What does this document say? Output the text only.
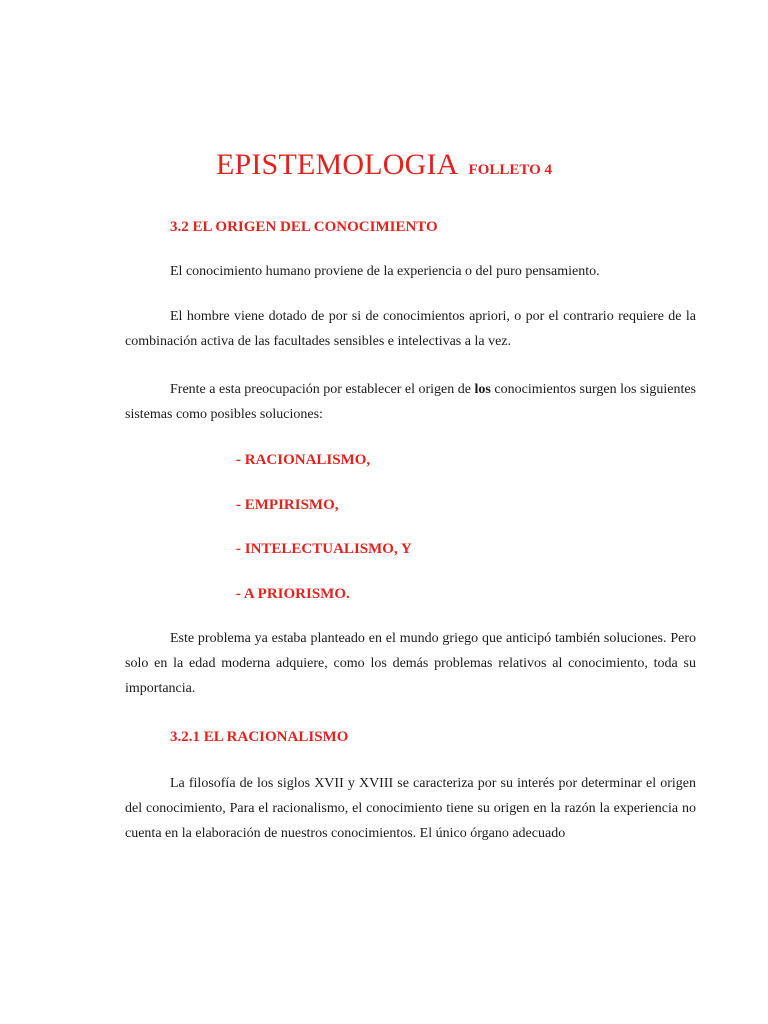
EPISTEMOLOGIA FOLLETO 4
3.2 EL ORIGEN DEL CONOCIMIENTO

El conocimiento humano proviene de la experiencia o del puro pensamiento.

El hombre viene dotado de por si de conocimientos apriori, o por el contrario requiere de la combinación activa de las facultades sensibles e intelectivas a la vez.

Frente a esta preocupación por establecer el origen de los conocimientos surgen los siguientes sistemas como posibles soluciones:

- RACIONALISMO,
- EMPIRISMO,
- INTELECTUALISMO, Y
- A PRIORISMO.

Este problema ya estaba planteado en el mundo griego que anticipó también soluciones. Pero solo en la edad moderna adquiere, como los demás problemas relativos al conocimiento, toda su importancia.

3.2.1 EL RACIONALISMO

La filosofía de los siglos XVII y XVIII se caracteriza por su interés por determinar el origen del conocimiento, Para el racionalismo, el conocimiento tiene su origen en la razón la experiencia no cuenta en la elaboración de nuestros conocimientos. El único órgano adecuado
